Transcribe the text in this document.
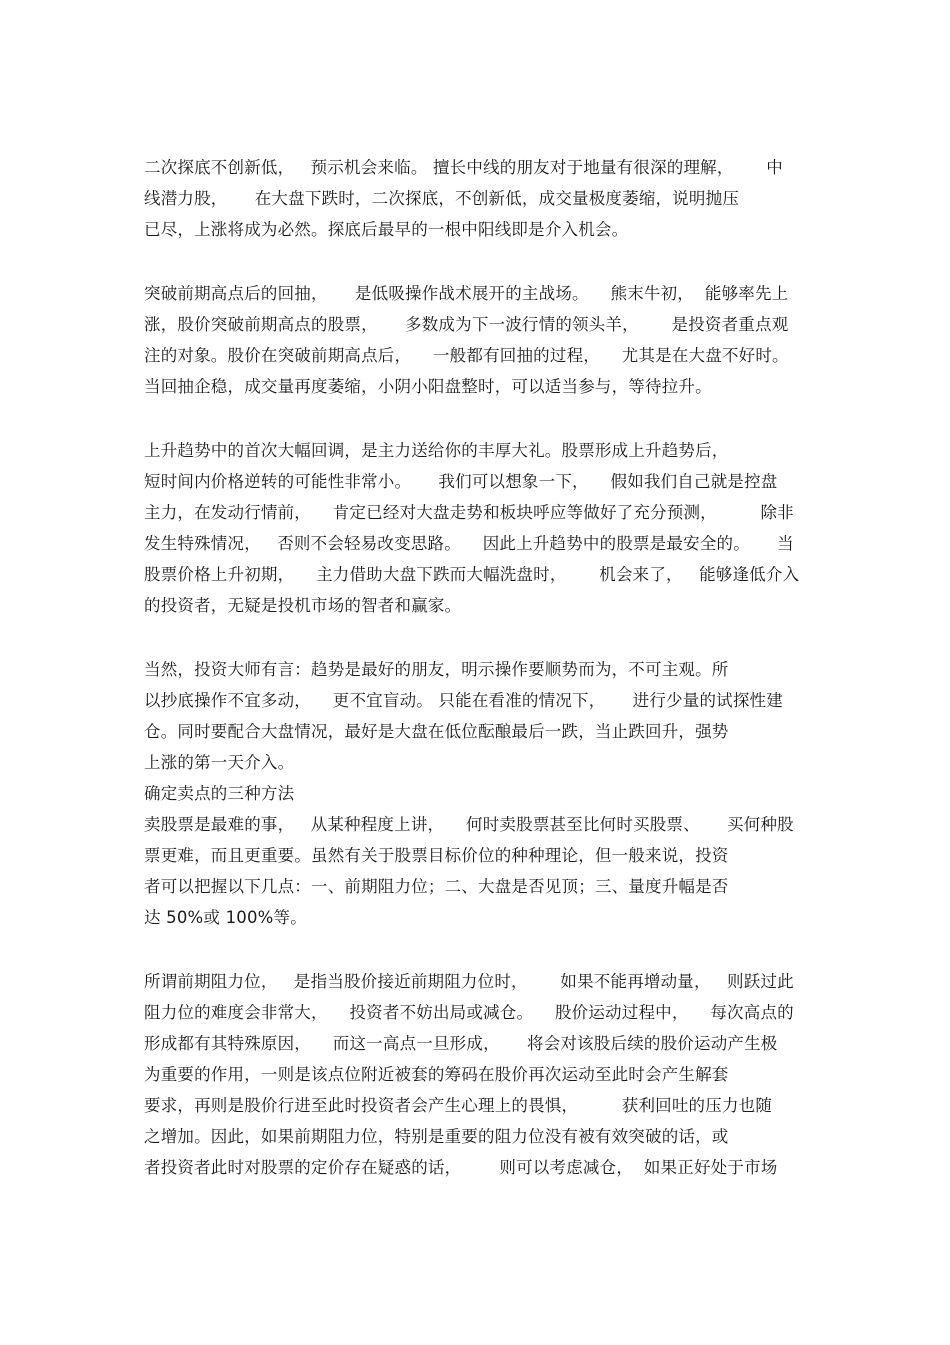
二次探底不创新低，   预示机会来临。 擅长中线的朋友对于地量有很深的理解，      中
线潜力股，     在大盘下跌时，二次探底，不创新低，成交量极度萎缩，说明抛压
已尽，上涨将成为必然。探底后最早的一根中阳线即是介入机会。
突破前期高点后的回抽，     是低吸操作战术展开的主战场。    熊末牛初，  能够率先上
涨，股价突破前期高点的股票，     多数成为下一波行情的领头羊，      是投资者重点观
注的对象。股价在突破前期高点后，    一般都有回抽的过程，    尤其是在大盘不好时。
当回抽企稳，成交量再度萎缩，小阴小阳盘整时，可以适当参与，等待拉升。
上升趋势中的首次大幅回调，是主力送给你的丰厚大礼。股票形成上升趋势后，
短时间内价格逆转的可能性非常小。     我们可以想象一下，    假如我们自己就是控盘
主力，在发动行情前，    肯定已经对大盘走势和板块呼应等做好了充分预测，        除非
发生特殊情况，   否则不会轻易改变思路。    因此上升趋势中的股票是最安全的。     当
股票价格上升初期，    主力借助大盘下跌而大幅洗盘时，      机会来了，   能够逢低介入
的投资者，无疑是投机市场的智者和赢家。
当然，投资大师有言：趋势是最好的朋友，明示操作要顺势而为，不可主观。所
以抄底操作不宜多动，    更不宜盲动。 只能在看准的情况下，     进行少量的试探性建
仓。同时要配合大盘情况，最好是大盘在低位酝酿最后一跌，当止跌回升，强势
上涨的第一天介入。
确定卖点的三种方法
卖股票是最难的事，   从某种程度上讲，    何时卖股票甚至比何时买股票、     买何种股
票更难，而且更重要。虽然有关于股票目标价位的种种理论，但一般来说，投资
者可以把握以下几点：一、前期阻力位；二、大盘是否见顶；三、量度升幅是否
达 50%或 100%等。
所谓前期阻力位，   是指当股价接近前期阻力位时，      如果不能再增动量，   则跃过此
阻力位的难度会非常大，    投资者不妨出局或减仓。    股价运动过程中，    每次高点的
形成都有其特殊原因，    而这一高点一旦形成，     将会对该股后续的股价运动产生极
为重要的作用，一则是该点位附近被套的筹码在股价再次运动至此时会产生解套
要求，再则是股价行进至此时投资者会产生心理上的畏惧，        获利回吐的压力也随
之增加。因此，如果前期阻力位，特别是重要的阻力位没有被有效突破的话，或
者投资者此时对股票的定价存在疑惑的话，       则可以考虑减仓，  如果正好处于市场
